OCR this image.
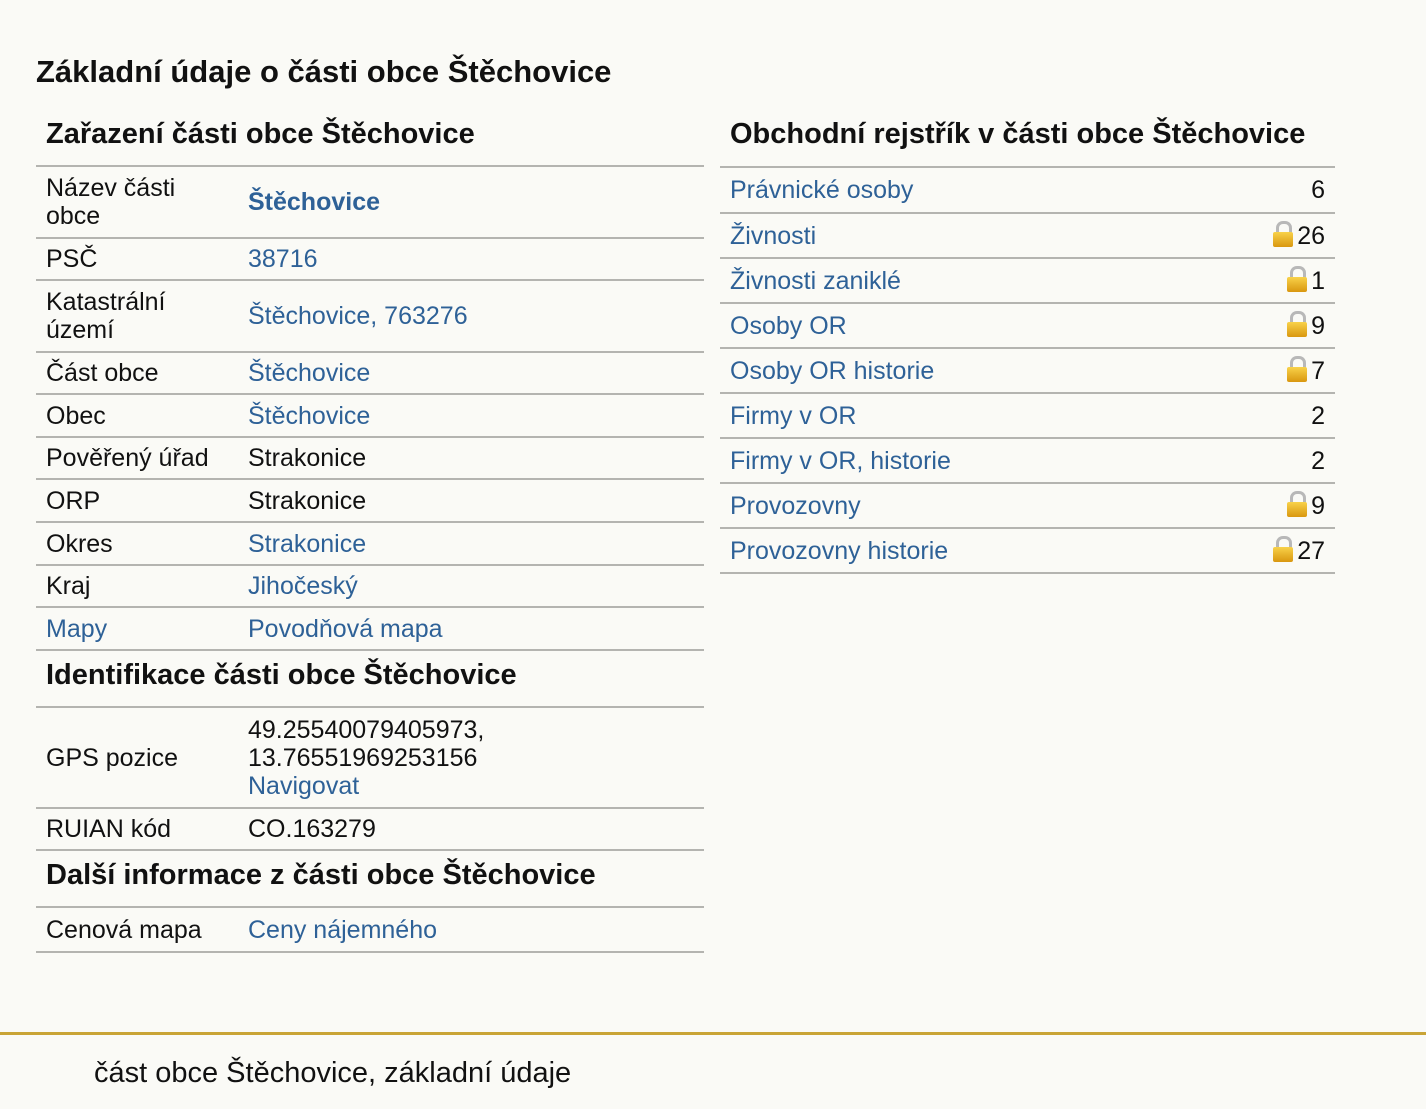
Základní údaje o části obce Štěchovice
Zařazení části obce Štěchovice
Název části obce	Štěchovice
PSČ	38716
Katastrální území	Štěchovice, 763276
Část obce	Štěchovice
Obec	Štěchovice
Pověřený úřad	Strakonice
ORP	Strakonice
Okres	Strakonice
Kraj	Jihočeský
Mapy	Povodňová mapa
Identifikace části obce Štěchovice
GPS pozice	49.25540079405973,
13.76551969253156
Navigovat

RUIAN kód	CO.163279
Další informace z části obce Štěchovice
Cenová mapa	Ceny nájemného
Obchodní rejstřík v části obce Štěchovice
Právnické osoby	6
Živnosti	26
Živnosti zaniklé	1
Osoby OR	9
Osoby OR historie	7
Firmy v OR	2
Firmy v OR, historie	2
Provozovny	9
Provozovny historie	27
část obce Štěchovice, základní údaje
